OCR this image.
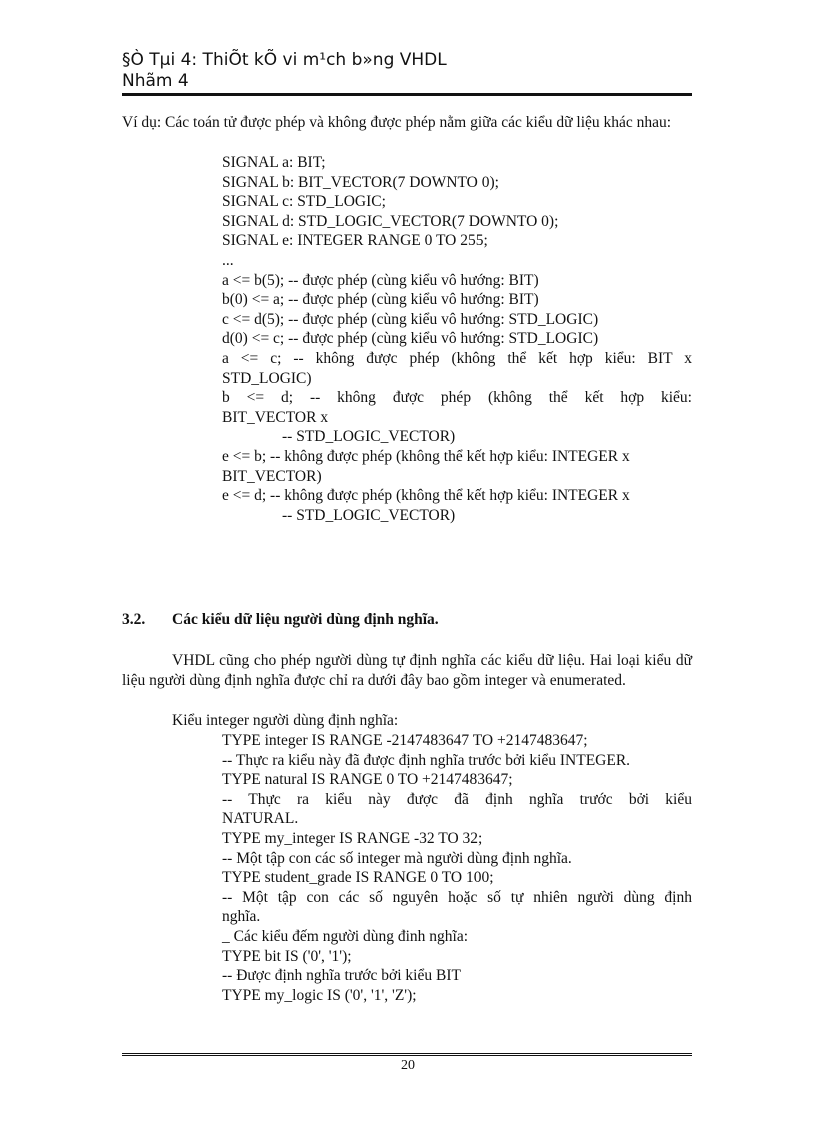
§Ò Tµi 4: ThiÕt kÕ vi m¹ch b»ng VHDL
Nhãm 4
Ví dụ: Các toán tử được phép và không được phép nằm giữa các kiểu dữ liệu khác nhau:
SIGNAL a: BIT;
SIGNAL b: BIT_VECTOR(7 DOWNTO 0);
SIGNAL c: STD_LOGIC;
SIGNAL d: STD_LOGIC_VECTOR(7 DOWNTO 0);
SIGNAL e: INTEGER RANGE 0 TO 255;
...
a <= b(5); -- được phép (cùng kiểu vô hướng: BIT)
b(0) <= a; -- được phép (cùng kiểu vô hướng: BIT)
c <= d(5); -- được phép (cùng kiểu vô hướng: STD_LOGIC)
d(0) <= c; -- được phép (cùng kiểu vô hướng: STD_LOGIC)
a <= c; -- không được phép (không thể kết hợp kiểu: BIT x
STD_LOGIC)
b <= d; -- không được phép (không thể kết hợp kiểu:
BIT_VECTOR x
-- STD_LOGIC_VECTOR)
e <= b; -- không được phép (không thể kết hợp kiểu: INTEGER x
BIT_VECTOR)
e <= d; -- không được phép (không thể kết hợp kiểu: INTEGER x
-- STD_LOGIC_VECTOR)
3.2. Các kiểu dữ liệu người dùng định nghĩa.
VHDL cũng cho phép người dùng tự định nghĩa các kiểu dữ liệu. Hai loại kiểu dữ liệu người dùng định nghĩa được chỉ ra dưới đây bao gồm integer và enumerated.
Kiểu integer người dùng định nghĩa:
TYPE integer IS RANGE -2147483647 TO +2147483647;
-- Thực ra kiểu này đã được định nghĩa trước bởi kiểu INTEGER.
TYPE natural IS RANGE 0 TO +2147483647;
-- Thực ra kiểu này được đã định nghĩa trước bởi kiểu
NATURAL.
TYPE my_integer IS RANGE -32 TO 32;
-- Một tập con các số integer mà người dùng định nghĩa.
TYPE student_grade IS RANGE 0 TO 100;
-- Một tập con các số nguyên hoặc số tự nhiên người dùng định
nghĩa.
_ Các kiểu đếm người dùng đinh nghĩa:
TYPE bit IS ('0', '1');
-- Được định nghĩa trước bởi kiểu BIT
TYPE my_logic IS ('0', '1', 'Z');
20
